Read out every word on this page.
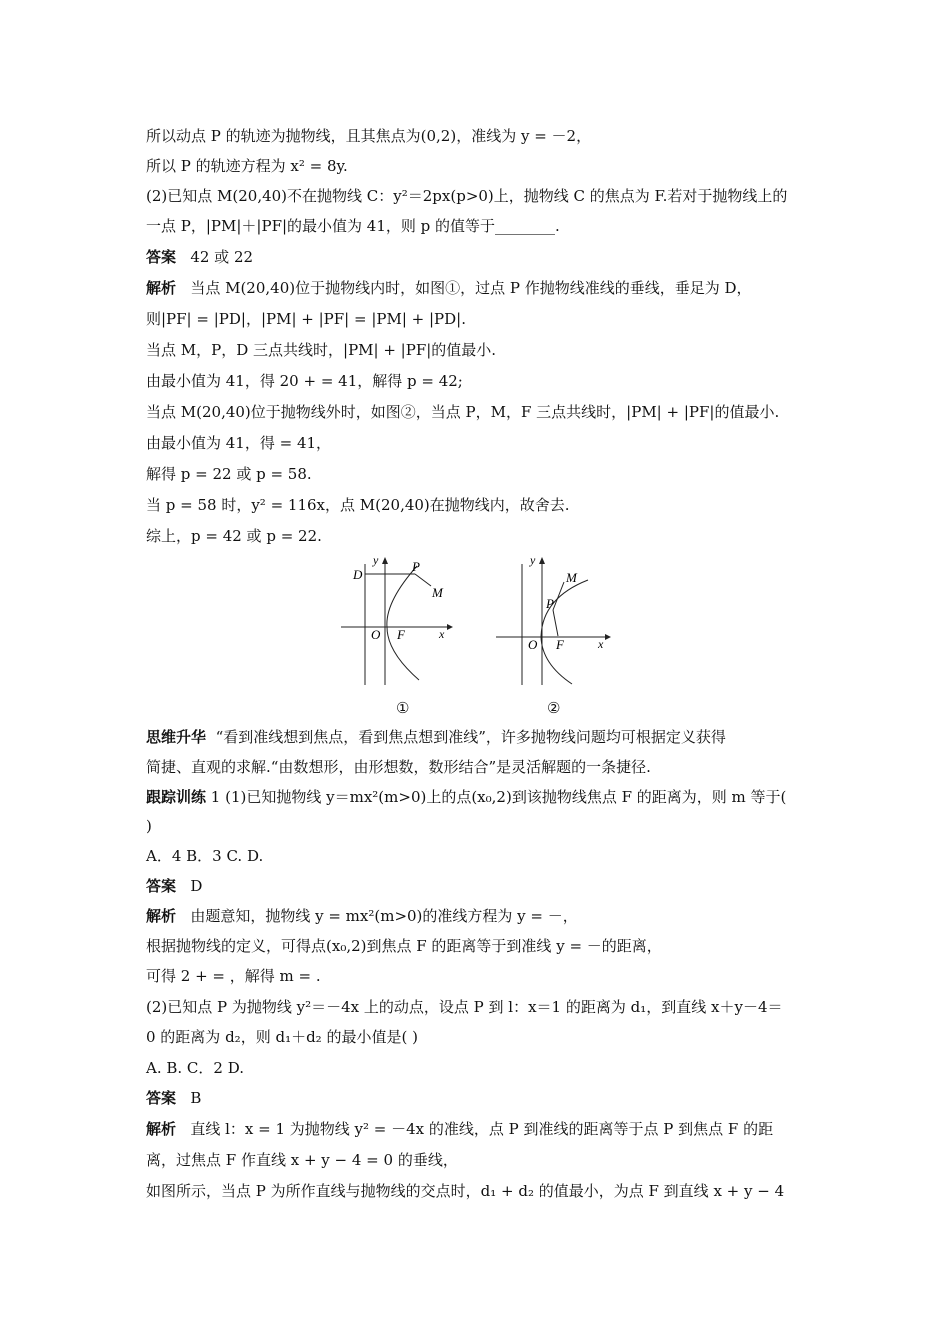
所以动点 P 的轨迹为抛物线，且其焦点为(0,2)，准线为 y = －2，
所以 P 的轨迹方程为 x² = 8y.
(2)已知点 M(20,40)不在抛物线 C：y²＝2px(p>0)上，抛物线 C 的焦点为 F.若对于抛物线上的
一点 P，|PM|＋|PF|的最小值为 41，则 p 的值等于________.
答案 42 或 22
解析 当点 M(20,40)位于抛物线内时，如图①，过点 P 作抛物线准线的垂线，垂足为 D，
则|PF| = |PD|，|PM| + |PF| = |PM| + |PD|.
当点 M，P，D 三点共线时，|PM| + |PF|的值最小.
由最小值为 41，得 20 + = 41，解得 p = 42;
当点 M(20,40)位于抛物线外时，如图②，当点 P，M，F 三点共线时，|PM| + |PF|的值最小.
由最小值为 41，得 = 41，
解得 p = 22 或 p = 58.
当 p = 58 时，y² = 116x，点 M(20,40)在抛物线内，故舍去.
综上，p = 42 或 p = 22.
D
y	P
M
O F	x
①
y
M
P
O F	x
②
思维升华 “看到准线想到焦点，看到焦点想到准线”，许多抛物线问题均可根据定义获得
简捷、直观的求解.“由数想形，由形想数，数形结合”是灵活解题的一条捷径.
跟踪训练 1 (1)已知抛物线 y＝mx²(m>0)上的点(x₀,2)到该抛物线焦点 F 的距离为，则 m 等于(
)
A．4 B．3 C. D.
答案 D
解析 由题意知，抛物线 y = mx²(m>0)的准线方程为 y = －，
根据抛物线的定义，可得点(x₀,2)到焦点 F 的距离等于到准线 y = －的距离，
可得 2 + = ，解得 m = .
(2)已知点 P 为抛物线 y²＝－4x 上的动点，设点 P 到 l：x＝1 的距离为 d₁，到直线 x＋y－4＝
0 的距离为 d₂，则 d₁＋d₂ 的最小值是( )
A. B. C．2 D.
答案 B
解析 直线 l：x = 1 为抛物线 y² = －4x 的准线，点 P 到准线的距离等于点 P 到焦点 F 的距
离，过焦点 F 作直线 x + y − 4 = 0 的垂线，
如图所示，当点 P 为所作直线与抛物线的交点时，d₁ + d₂ 的值最小，为点 F 到直线 x + y − 4
